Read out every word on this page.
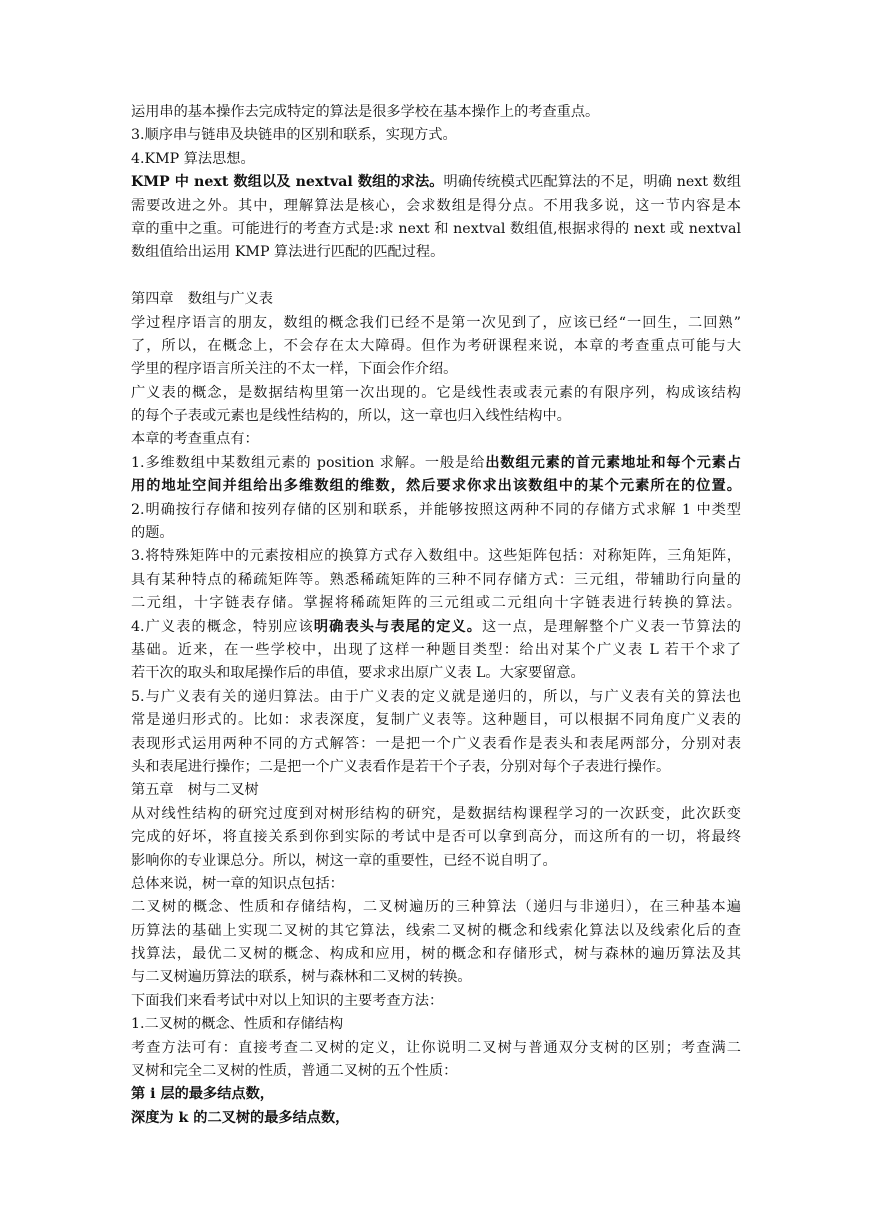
运用串的基本操作去完成特定的算法是很多学校在基本操作上的考查重点。
3.顺序串与链串及块链串的区别和联系，实现方式。
4.KMP 算法思想。
KMP 中 next 数组以及 nextval 数组的求法。明确传统模式匹配算法的不足，明确 next 数组
需要改进之外。其中，理解算法是核心，会求数组是得分点。不用我多说，这一节内容是本
章的重中之重。可能进行的考查方式是:求 next 和 nextval 数组值,根据求得的 next 或 nextval
数组值给出运用 KMP 算法进行匹配的匹配过程。
第四章　数组与广义表
学过程序语言的朋友，数组的概念我们已经不是第一次见到了，应该已经“一回生，二回熟”
了，所以，在概念上，不会存在太大障碍。但作为考研课程来说，本章的考查重点可能与大
学里的程序语言所关注的不太一样，下面会作介绍。
广义表的概念，是数据结构里第一次出现的。它是线性表或表元素的有限序列，构成该结构
的每个子表或元素也是线性结构的，所以，这一章也归入线性结构中。
本章的考查重点有：
1.多维数组中某数组元素的 position 求解。一般是给出数组元素的首元素地址和每个元素占
用的地址空间并组给出多维数组的维数，然后要求你求出该数组中的某个元素所在的位置。
2.明确按行存储和按列存储的区别和联系，并能够按照这两种不同的存储方式求解 1 中类型
的题。
3.将特殊矩阵中的元素按相应的换算方式存入数组中。这些矩阵包括：对称矩阵，三角矩阵，
具有某种特点的稀疏矩阵等。熟悉稀疏矩阵的三种不同存储方式：三元组，带辅助行向量的
二元组，十字链表存储。掌握将稀疏矩阵的三元组或二元组向十字链表进行转换的算法。
4.广义表的概念，特别应该明确表头与表尾的定义。这一点，是理解整个广义表一节算法的
基础。近来，在一些学校中，出现了这样一种题目类型：给出对某个广义表 L 若干个求了
若干次的取头和取尾操作后的串值，要求求出原广义表 L。大家要留意。
5.与广义表有关的递归算法。由于广义表的定义就是递归的，所以，与广义表有关的算法也
常是递归形式的。比如：求表深度，复制广义表等。这种题目，可以根据不同角度广义表的
表现形式运用两种不同的方式解答：一是把一个广义表看作是表头和表尾两部分，分别对表
头和表尾进行操作；二是把一个广义表看作是若干个子表，分别对每个子表进行操作。
第五章　树与二叉树
从对线性结构的研究过度到对树形结构的研究，是数据结构课程学习的一次跃变，此次跃变
完成的好坏，将直接关系到你到实际的考试中是否可以拿到高分，而这所有的一切，将最终
影响你的专业课总分。所以，树这一章的重要性，已经不说自明了。
总体来说，树一章的知识点包括：
二叉树的概念、性质和存储结构，二叉树遍历的三种算法（递归与非递归），在三种基本遍
历算法的基础上实现二叉树的其它算法，线索二叉树的概念和线索化算法以及线索化后的查
找算法，最优二叉树的概念、构成和应用，树的概念和存储形式，树与森林的遍历算法及其
与二叉树遍历算法的联系，树与森林和二叉树的转换。
下面我们来看考试中对以上知识的主要考查方法：
1.二叉树的概念、性质和存储结构
考查方法可有：直接考查二叉树的定义，让你说明二叉树与普通双分支树的区别；考查满二
叉树和完全二叉树的性质，普通二叉树的五个性质：
第 i 层的最多结点数，
深度为 k 的二叉树的最多结点数，
